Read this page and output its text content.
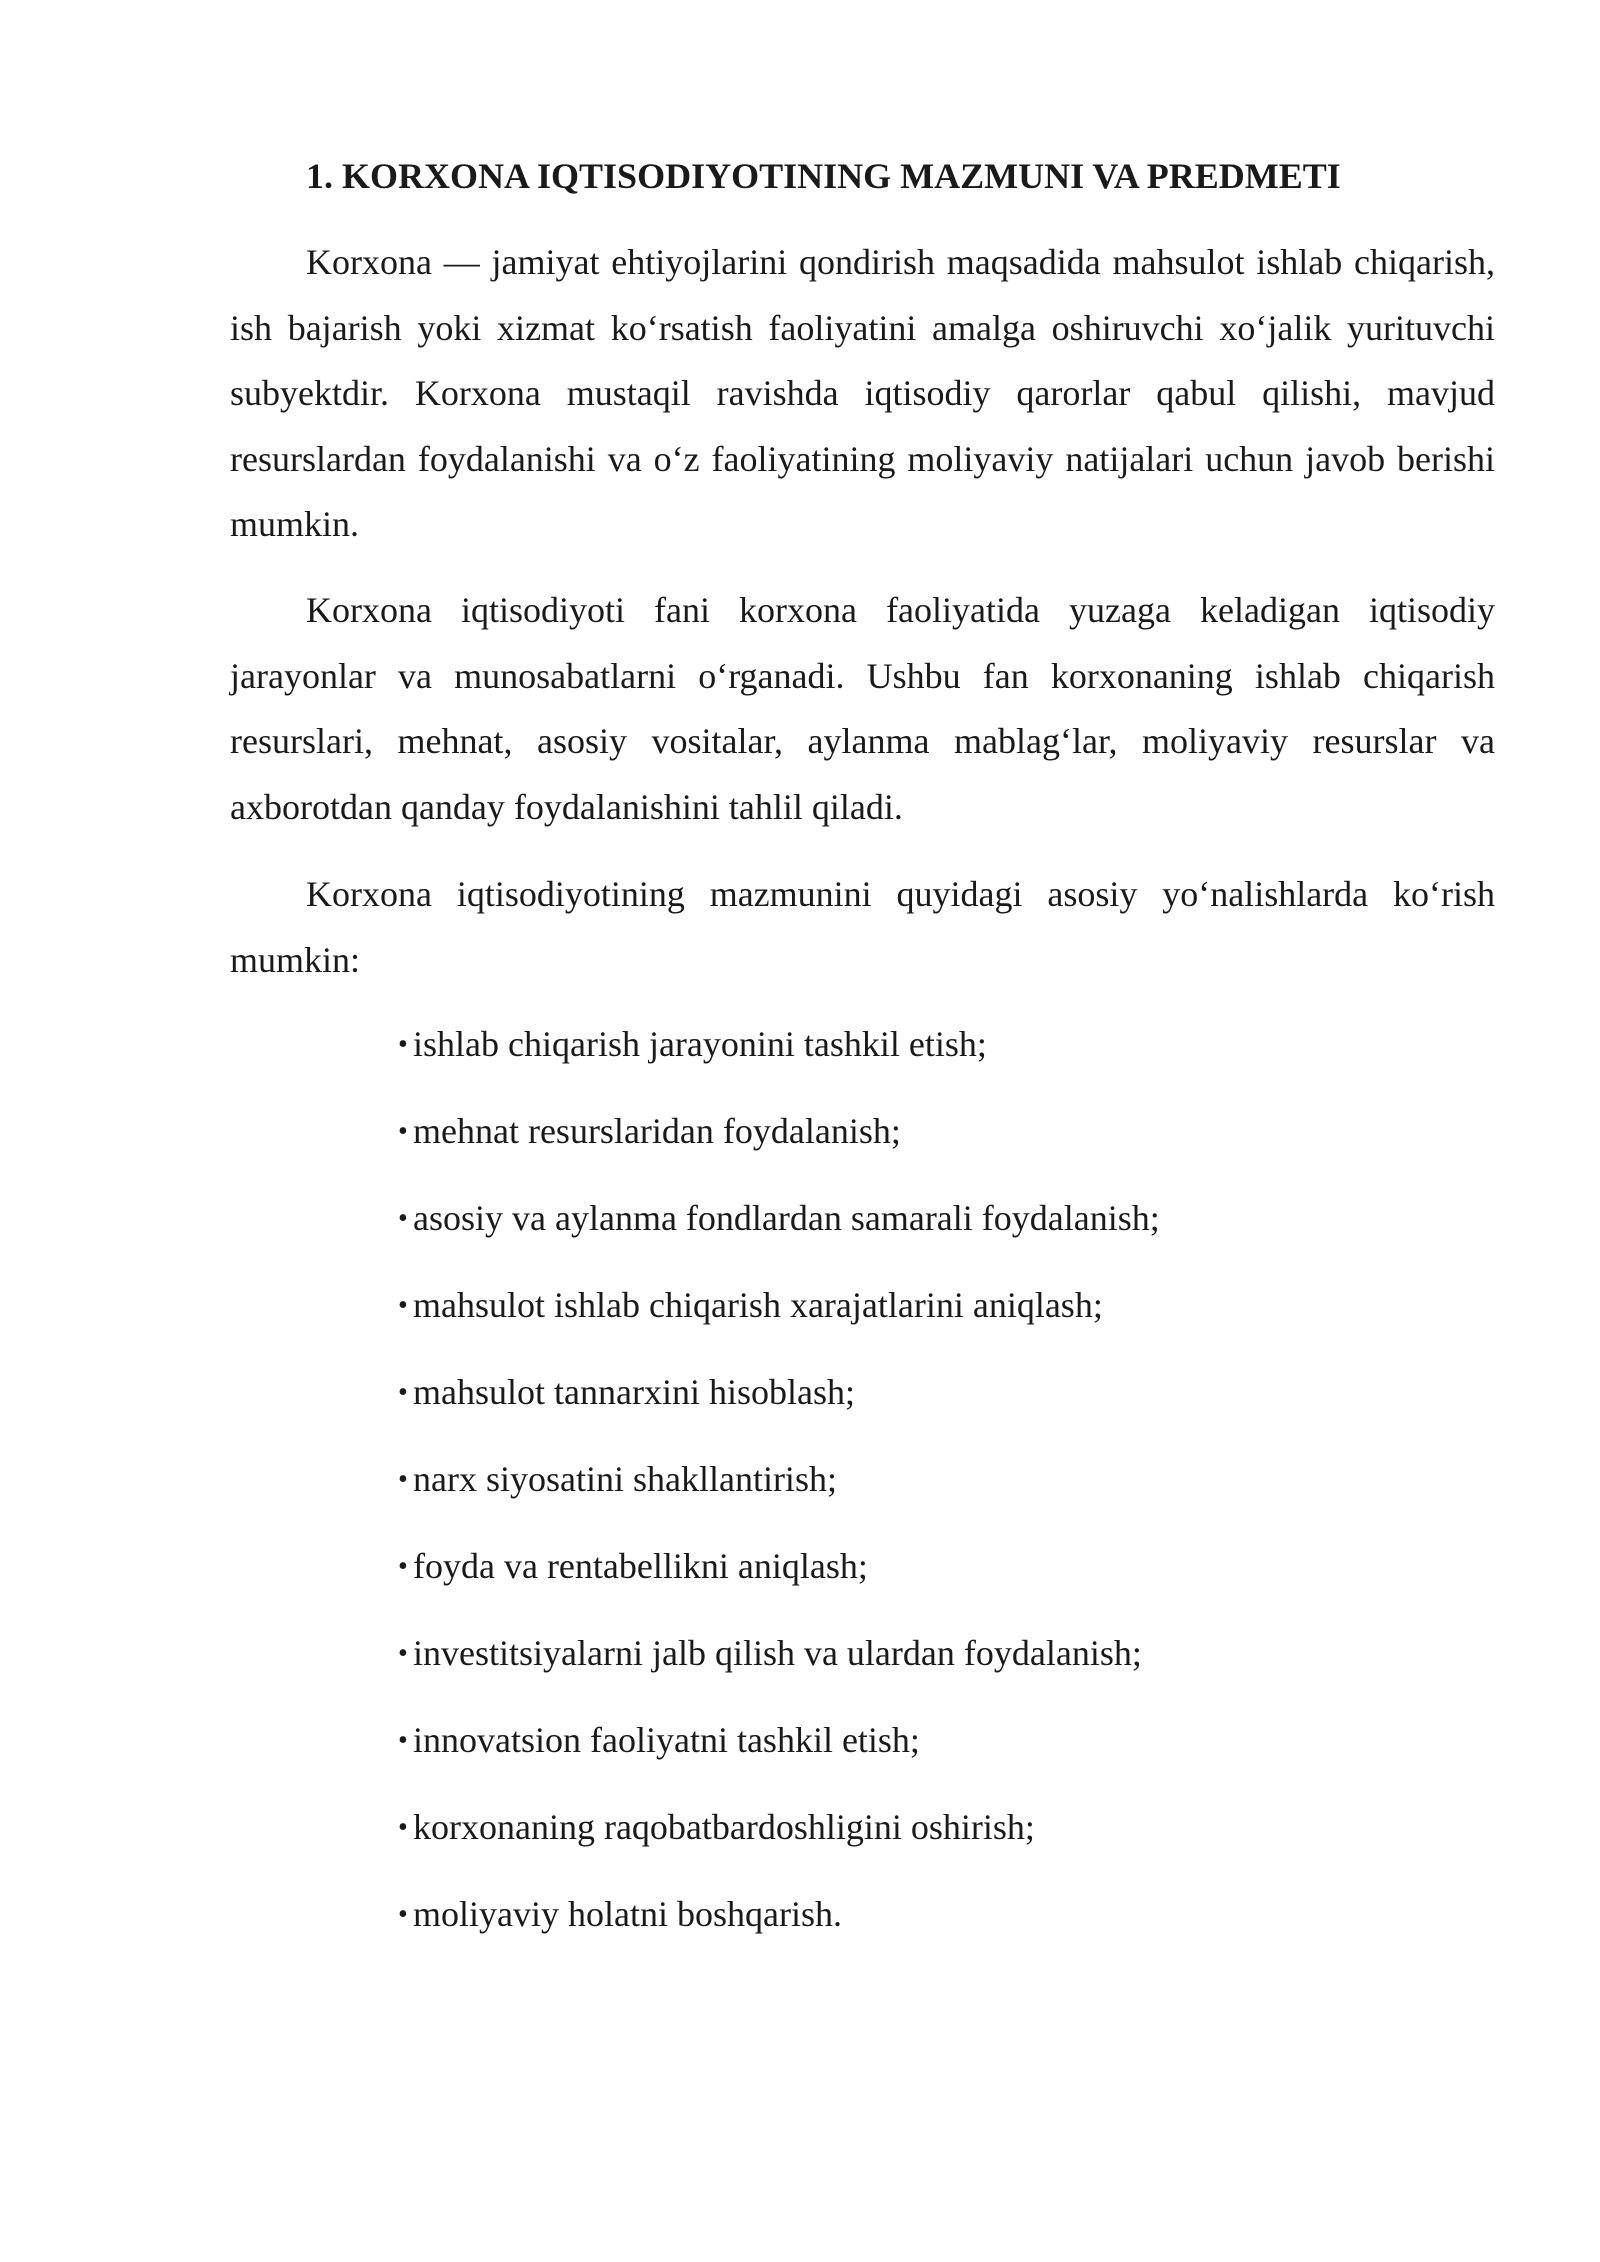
1. KORXONA IQTISODIYOTINING MAZMUNI VA PREDMETI

Korxona — jamiyat ehtiyojlarini qondirish maqsadida mahsulot ishlab chiqarish, ish bajarish yoki xizmat ko‘rsatish faoliyatini amalga oshiruvchi xo‘jalik yurituvchi subyektdir. Korxona mustaqil ravishda iqtisodiy qarorlar qabul qilishi, mavjud resurslardan foydalanishi va o‘z faoliyatining moliyaviy natijalari uchun javob berishi mumkin.

Korxona iqtisodiyoti fani korxona faoliyatida yuzaga keladigan iqtisodiy jarayonlar va munosabatlarni o‘rganadi. Ushbu fan korxonaning ishlab chiqarish resurslari, mehnat, asosiy vositalar, aylanma mablag‘lar, moliyaviy resurslar va axborotdan qanday foydalanishini tahlil qiladi.

Korxona iqtisodiyotining mazmunini quyidagi asosiy yo‘nalishlarda ko‘rish mumkin:

• ishlab chiqarish jarayonini tashkil etish;
• mehnat resurslaridan foydalanish;
• asosiy va aylanma fondlardan samarali foydalanish;
• mahsulot ishlab chiqarish xarajatlarini aniqlash;
• mahsulot tannarxini hisoblash;
• narx siyosatini shakllantirish;
• foyda va rentabellikni aniqlash;
• investitsiyalarni jalb qilish va ulardan foydalanish;
• innovatsion faoliyatni tashkil etish;
• korxonaning raqobatbardoshligini oshirish;
• moliyaviy holatni boshqarish.
